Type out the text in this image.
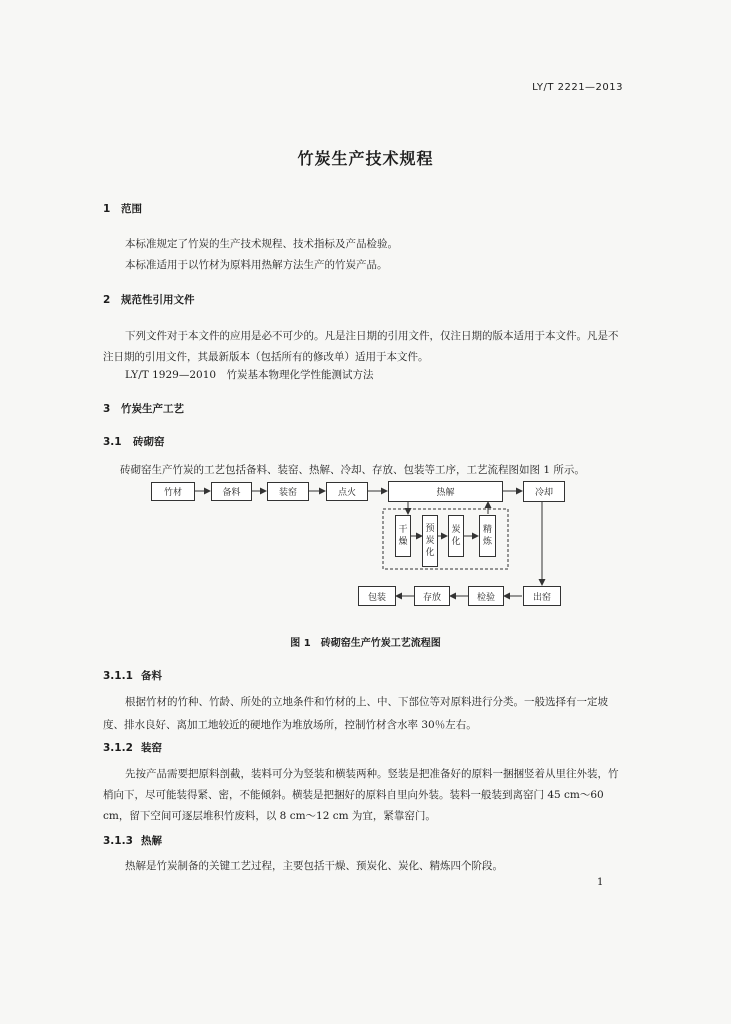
LY/T 2221—2013
竹炭生产技术规程
1 范围
本标准规定了竹炭的生产技术规程、技术指标及产品检验。
本标准适用于以竹材为原料用热解方法生产的竹炭产品。
2 规范性引用文件
下列文件对于本文件的应用是必不可少的。凡是注日期的引用文件，仅注日期的版本适用于本文件。凡是不注日期的引用文件，其最新版本（包括所有的修改单）适用于本文件。
LY/T 1929—2010　竹炭基本物理化学性能测试方法
3 竹炭生产工艺
3.1 砖砌窑
砖砌窑生产竹炭的工艺包括备料、装窑、热解、冷却、存放、包装等工序，工艺流程图如图 1 所示。
竹材	备料	装窑	点火	热解	冷却
干
燥
预
炭
化
炭
化
精
炼
包装	存放	检验	出窑
图 1　砖砌窑生产竹炭工艺流程图
3.1.1 备料
根据竹材的竹种、竹龄、所处的立地条件和竹材的上、中、下部位等对原料进行分类。一般选择有一定坡度、排水良好、离加工地较近的硬地作为堆放场所，控制竹材含水率 30％左右。
3.1.2 装窑
先按产品需要把原料剖截，装料可分为竖装和横装两种。竖装是把准备好的原料一捆捆竖着从里往外装，竹梢向下，尽可能装得紧、密，不能倾斜。横装是把捆好的原料自里向外装。装料一般装到离窑门 45 cm～60 cm，留下空间可逐层堆积竹废料，以 8 cm～12 cm 为宜，紧靠窑门。
3.1.3 热解
热解是竹炭制备的关键工艺过程，主要包括干燥、预炭化、炭化、精炼四个阶段。
1
